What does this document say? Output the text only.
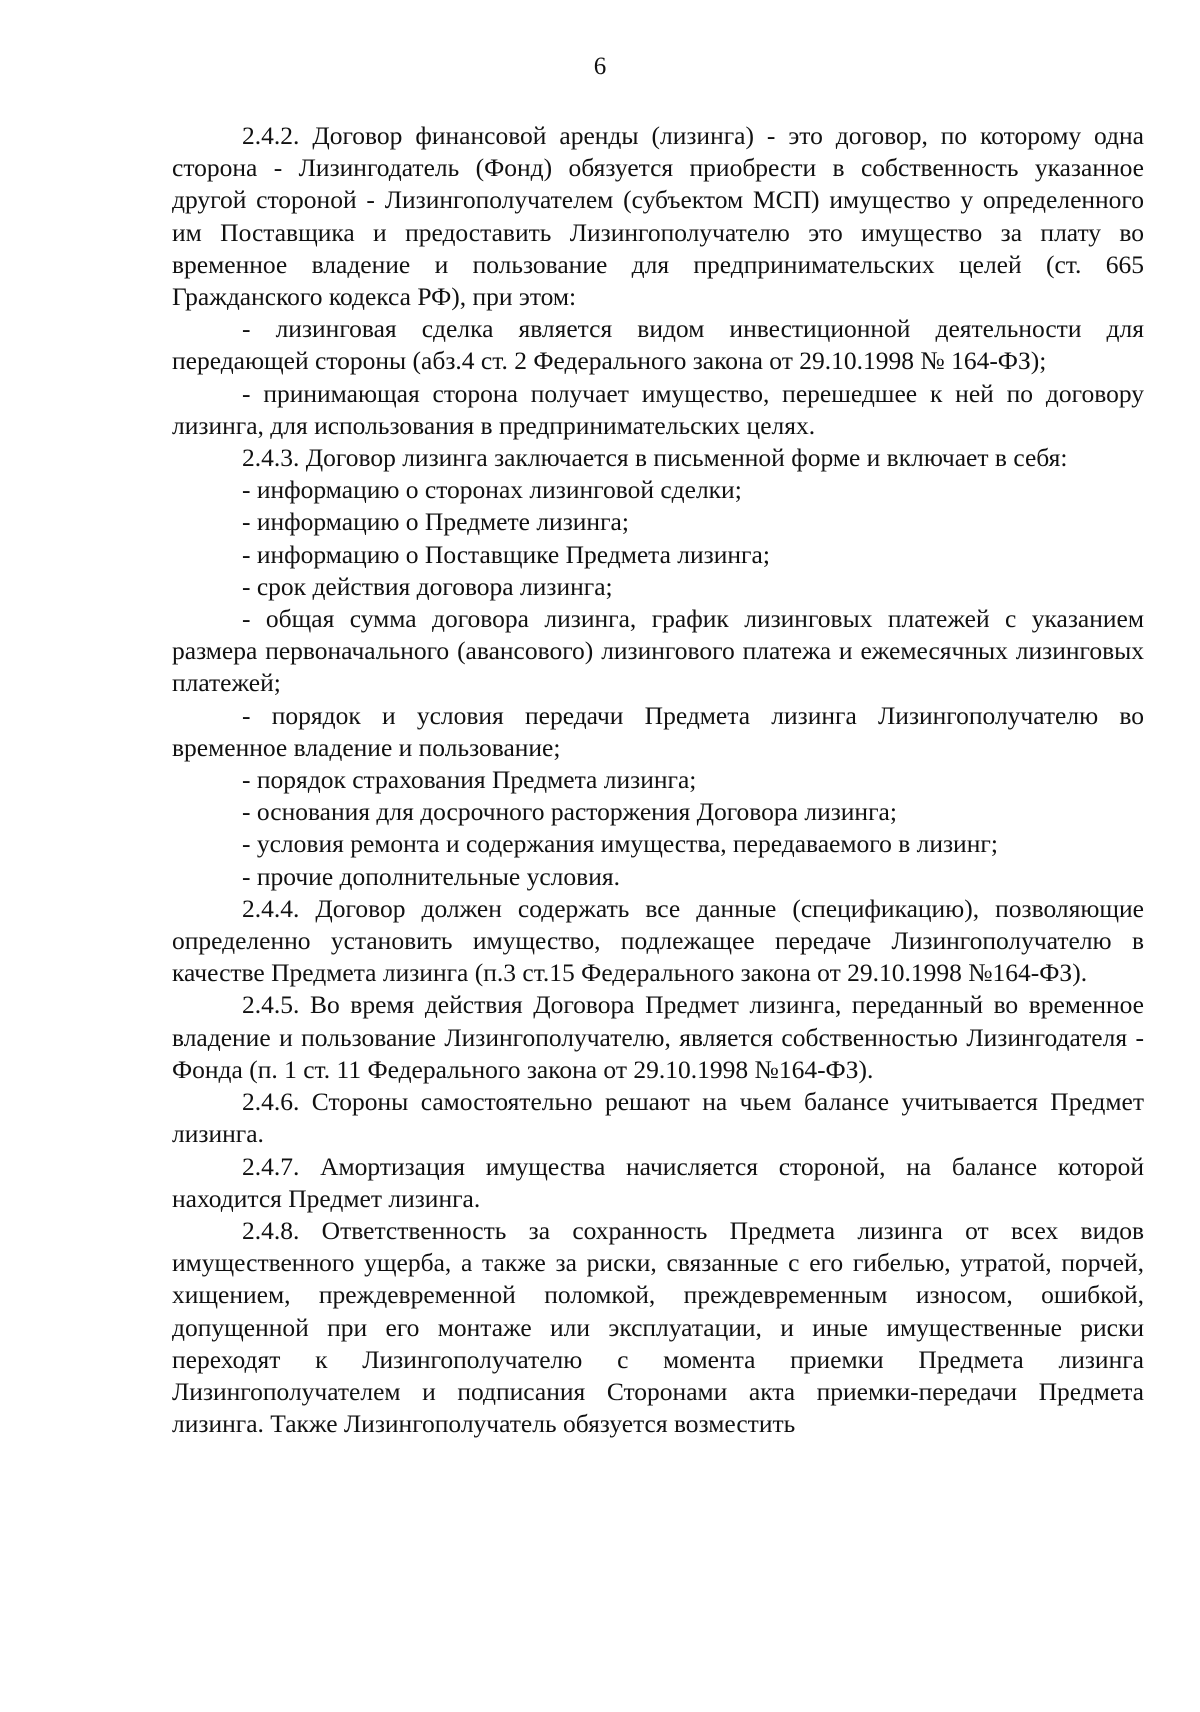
6

2.4.2. Договор финансовой аренды (лизинга) - это договор, по которому одна сторона - Лизингодатель (Фонд) обязуется приобрести в собственность указанное другой стороной - Лизингополучателем (субъектом МСП) имущество у определенного им Поставщика и предоставить Лизингополучателю это имущество за плату во временное владение и пользование для предпринимательских целей (ст. 665 Гражданского кодекса РФ), при этом:

- лизинговая сделка является видом инвестиционной деятельности для передающей стороны (абз.4 ст. 2 Федерального закона от 29.10.1998 № 164-ФЗ);

- принимающая сторона получает имущество, перешедшее к ней по договору лизинга, для использования в предпринимательских целях.

2.4.3. Договор лизинга заключается в письменной форме и включает в себя:

- информацию о сторонах лизинговой сделки;

- информацию о Предмете лизинга;

- информацию о Поставщике Предмета лизинга;

- срок действия договора лизинга;

- общая сумма договора лизинга, график лизинговых платежей с указанием размера первоначального (авансового) лизингового платежа и ежемесячных лизинговых платежей;

- порядок и условия передачи Предмета лизинга Лизингополучателю во временное владение и пользование;

- порядок страхования Предмета лизинга;

- основания для досрочного расторжения Договора лизинга;

- условия ремонта и содержания имущества, передаваемого в лизинг;

- прочие дополнительные условия.

2.4.4. Договор должен содержать все данные (спецификацию), позволяющие определенно установить имущество, подлежащее передаче Лизингополучателю в качестве Предмета лизинга (п.3 ст.15 Федерального закона от 29.10.1998 №164-ФЗ).

2.4.5. Во время действия Договора Предмет лизинга, переданный во временное владение и пользование Лизингополучателю, является собственностью Лизингодателя - Фонда (п. 1 ст. 11 Федерального закона от 29.10.1998 №164-ФЗ).

2.4.6. Стороны самостоятельно решают на чьем балансе учитывается Предмет лизинга.

2.4.7. Амортизация имущества начисляется стороной, на балансе которой находится Предмет лизинга.

2.4.8. Ответственность за сохранность Предмета лизинга от всех видов имущественного ущерба, а также за риски, связанные с его гибелью, утратой, порчей, хищением, преждевременной поломкой, преждевременным износом, ошибкой, допущенной при его монтаже или эксплуатации, и иные имущественные риски переходят к Лизингополучателю с момента приемки Предмета лизинга Лизингополучателем и подписания Сторонами акта приемки-передачи Предмета лизинга. Также Лизингополучатель обязуется возместить
